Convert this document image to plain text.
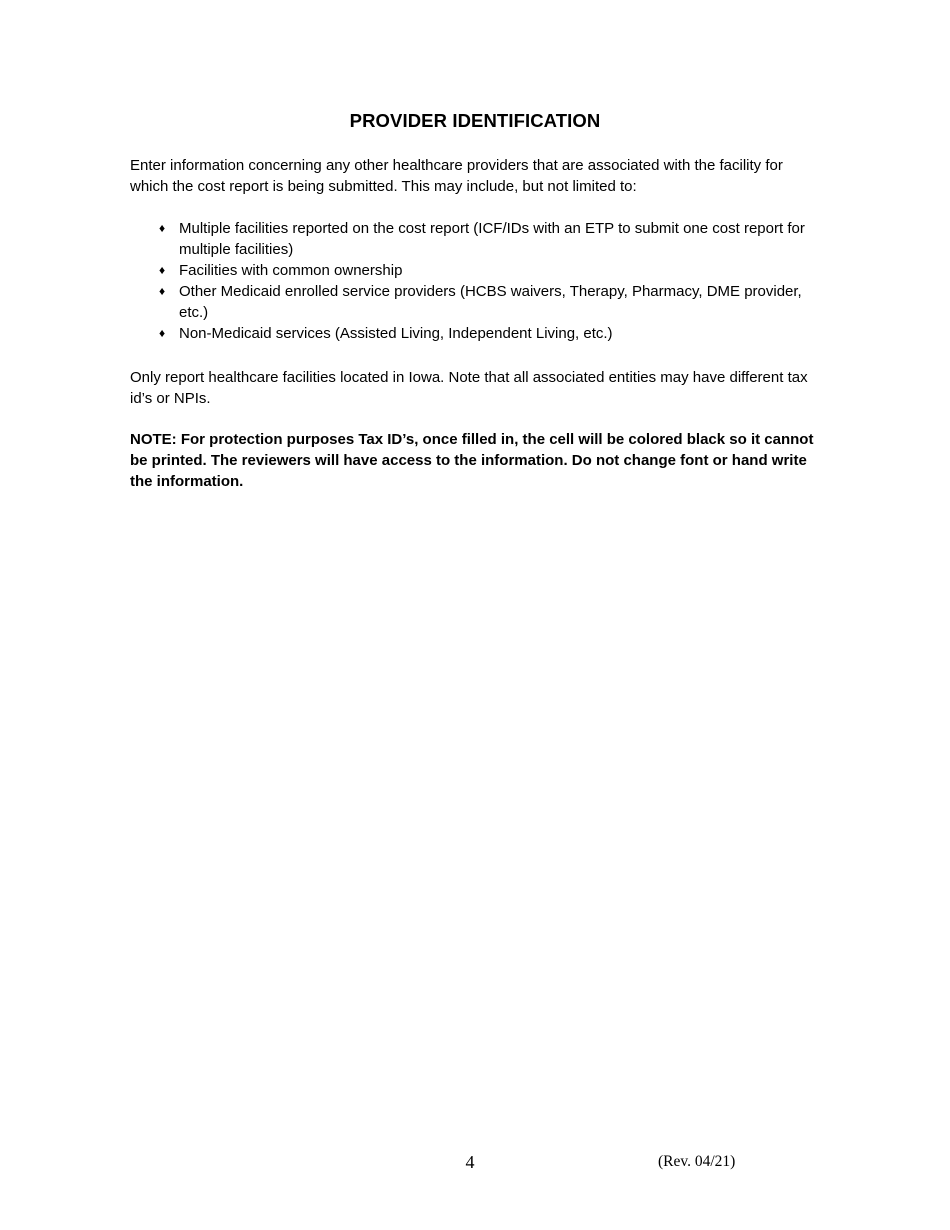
PROVIDER IDENTIFICATION

Enter information concerning any other healthcare providers that are associated with the facility for which the cost report is being submitted. This may include, but not limited to:

♦ Multiple facilities reported on the cost report (ICF/IDs with an ETP to submit one cost report for multiple facilities)
♦ Facilities with common ownership
♦ Other Medicaid enrolled service providers (HCBS waivers, Therapy, Pharmacy, DME provider, etc.)
♦ Non-Medicaid services (Assisted Living, Independent Living, etc.)

Only report healthcare facilities located in Iowa. Note that all associated entities may have different tax id’s or NPIs.

NOTE: For protection purposes Tax ID’s, once filled in, the cell will be colored black so it cannot be printed. The reviewers will have access to the information. Do not change font or hand write the information.

4	(Rev. 04/21)
